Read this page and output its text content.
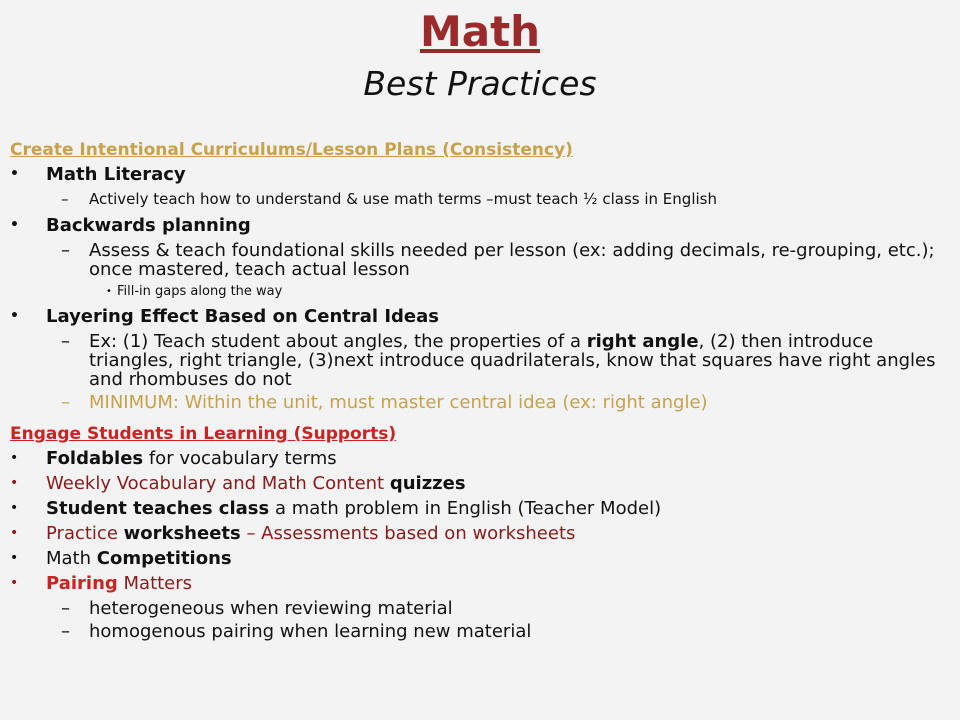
Math
Best Practices
Create Intentional Curriculums/Lesson Plans (Consistency)
• Math Literacy
– Actively teach how to understand & use math terms –must teach ½ class in English
• Backwards planning
– Assess & teach foundational skills needed per lesson (ex: adding decimals, re-grouping, etc.); once mastered, teach actual lesson
• Fill-in gaps along the way
• Layering Effect Based on Central Ideas
– Ex: (1) Teach student about angles, the properties of a right angle, (2) then introduce triangles, right triangle, (3)next introduce quadrilaterals, know that squares have right angles and rhombuses do not
– MINIMUM: Within the unit, must master central idea (ex: right angle)
Engage Students in Learning (Supports)
• Foldables for vocabulary terms
• Weekly Vocabulary and Math Content quizzes
• Student teaches class a math problem in English (Teacher Model)
• Practice worksheets – Assessments based on worksheets
• Math Competitions
• Pairing Matters
– heterogeneous when reviewing material
– homogenous pairing when learning new material
